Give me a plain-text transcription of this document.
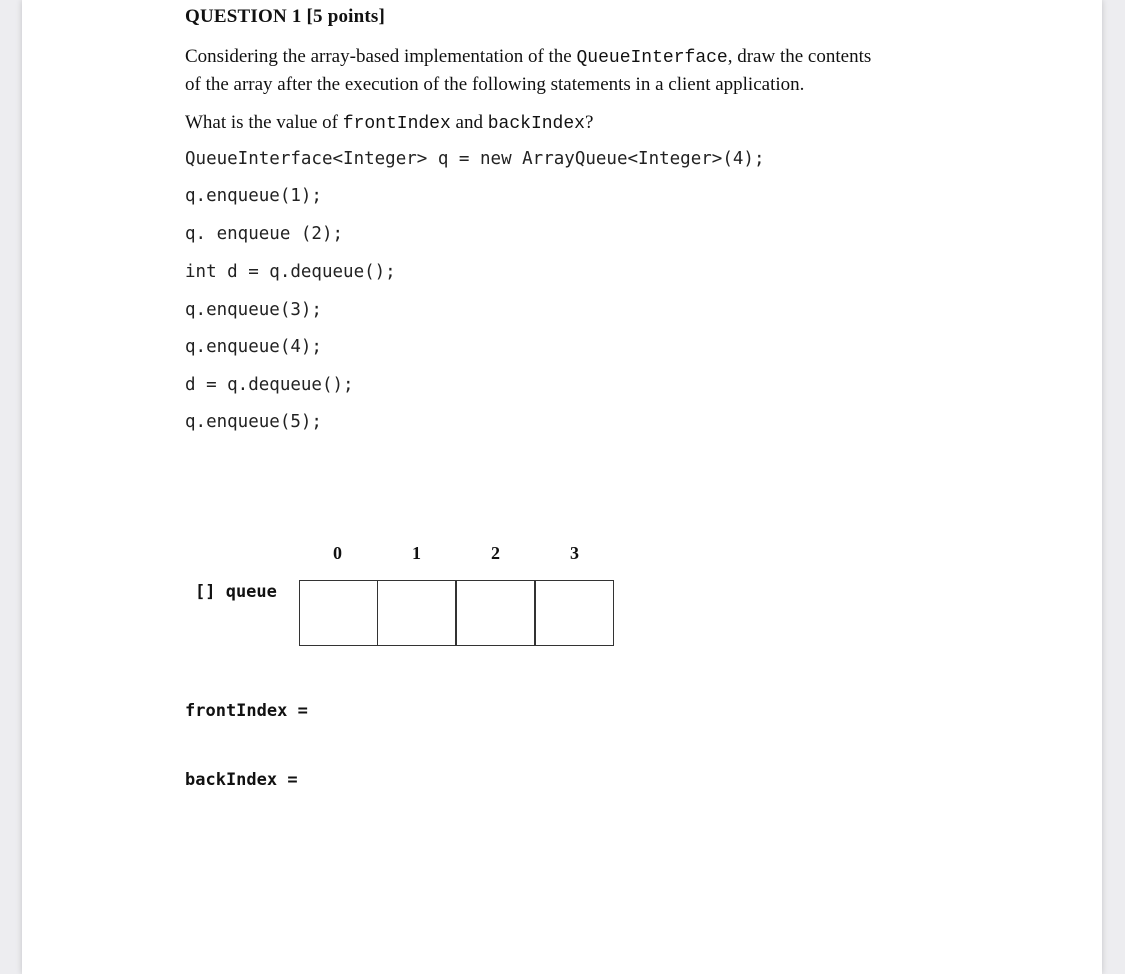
QUESTION 1 [5 points]
Considering the array-based implementation of the QueueInterface, draw the contents
of the array after the execution of the following statements in a client application.
What is the value of frontIndex and backIndex?
QueueInterface<Integer> q = new ArrayQueue<Integer>(4);
q.enqueue(1);
q. enqueue (2);
int d = q.dequeue();
q.enqueue(3);
q.enqueue(4);
d = q.dequeue();
q.enqueue(5);
0	1	2	3
[] queue
frontIndex =
backIndex =
